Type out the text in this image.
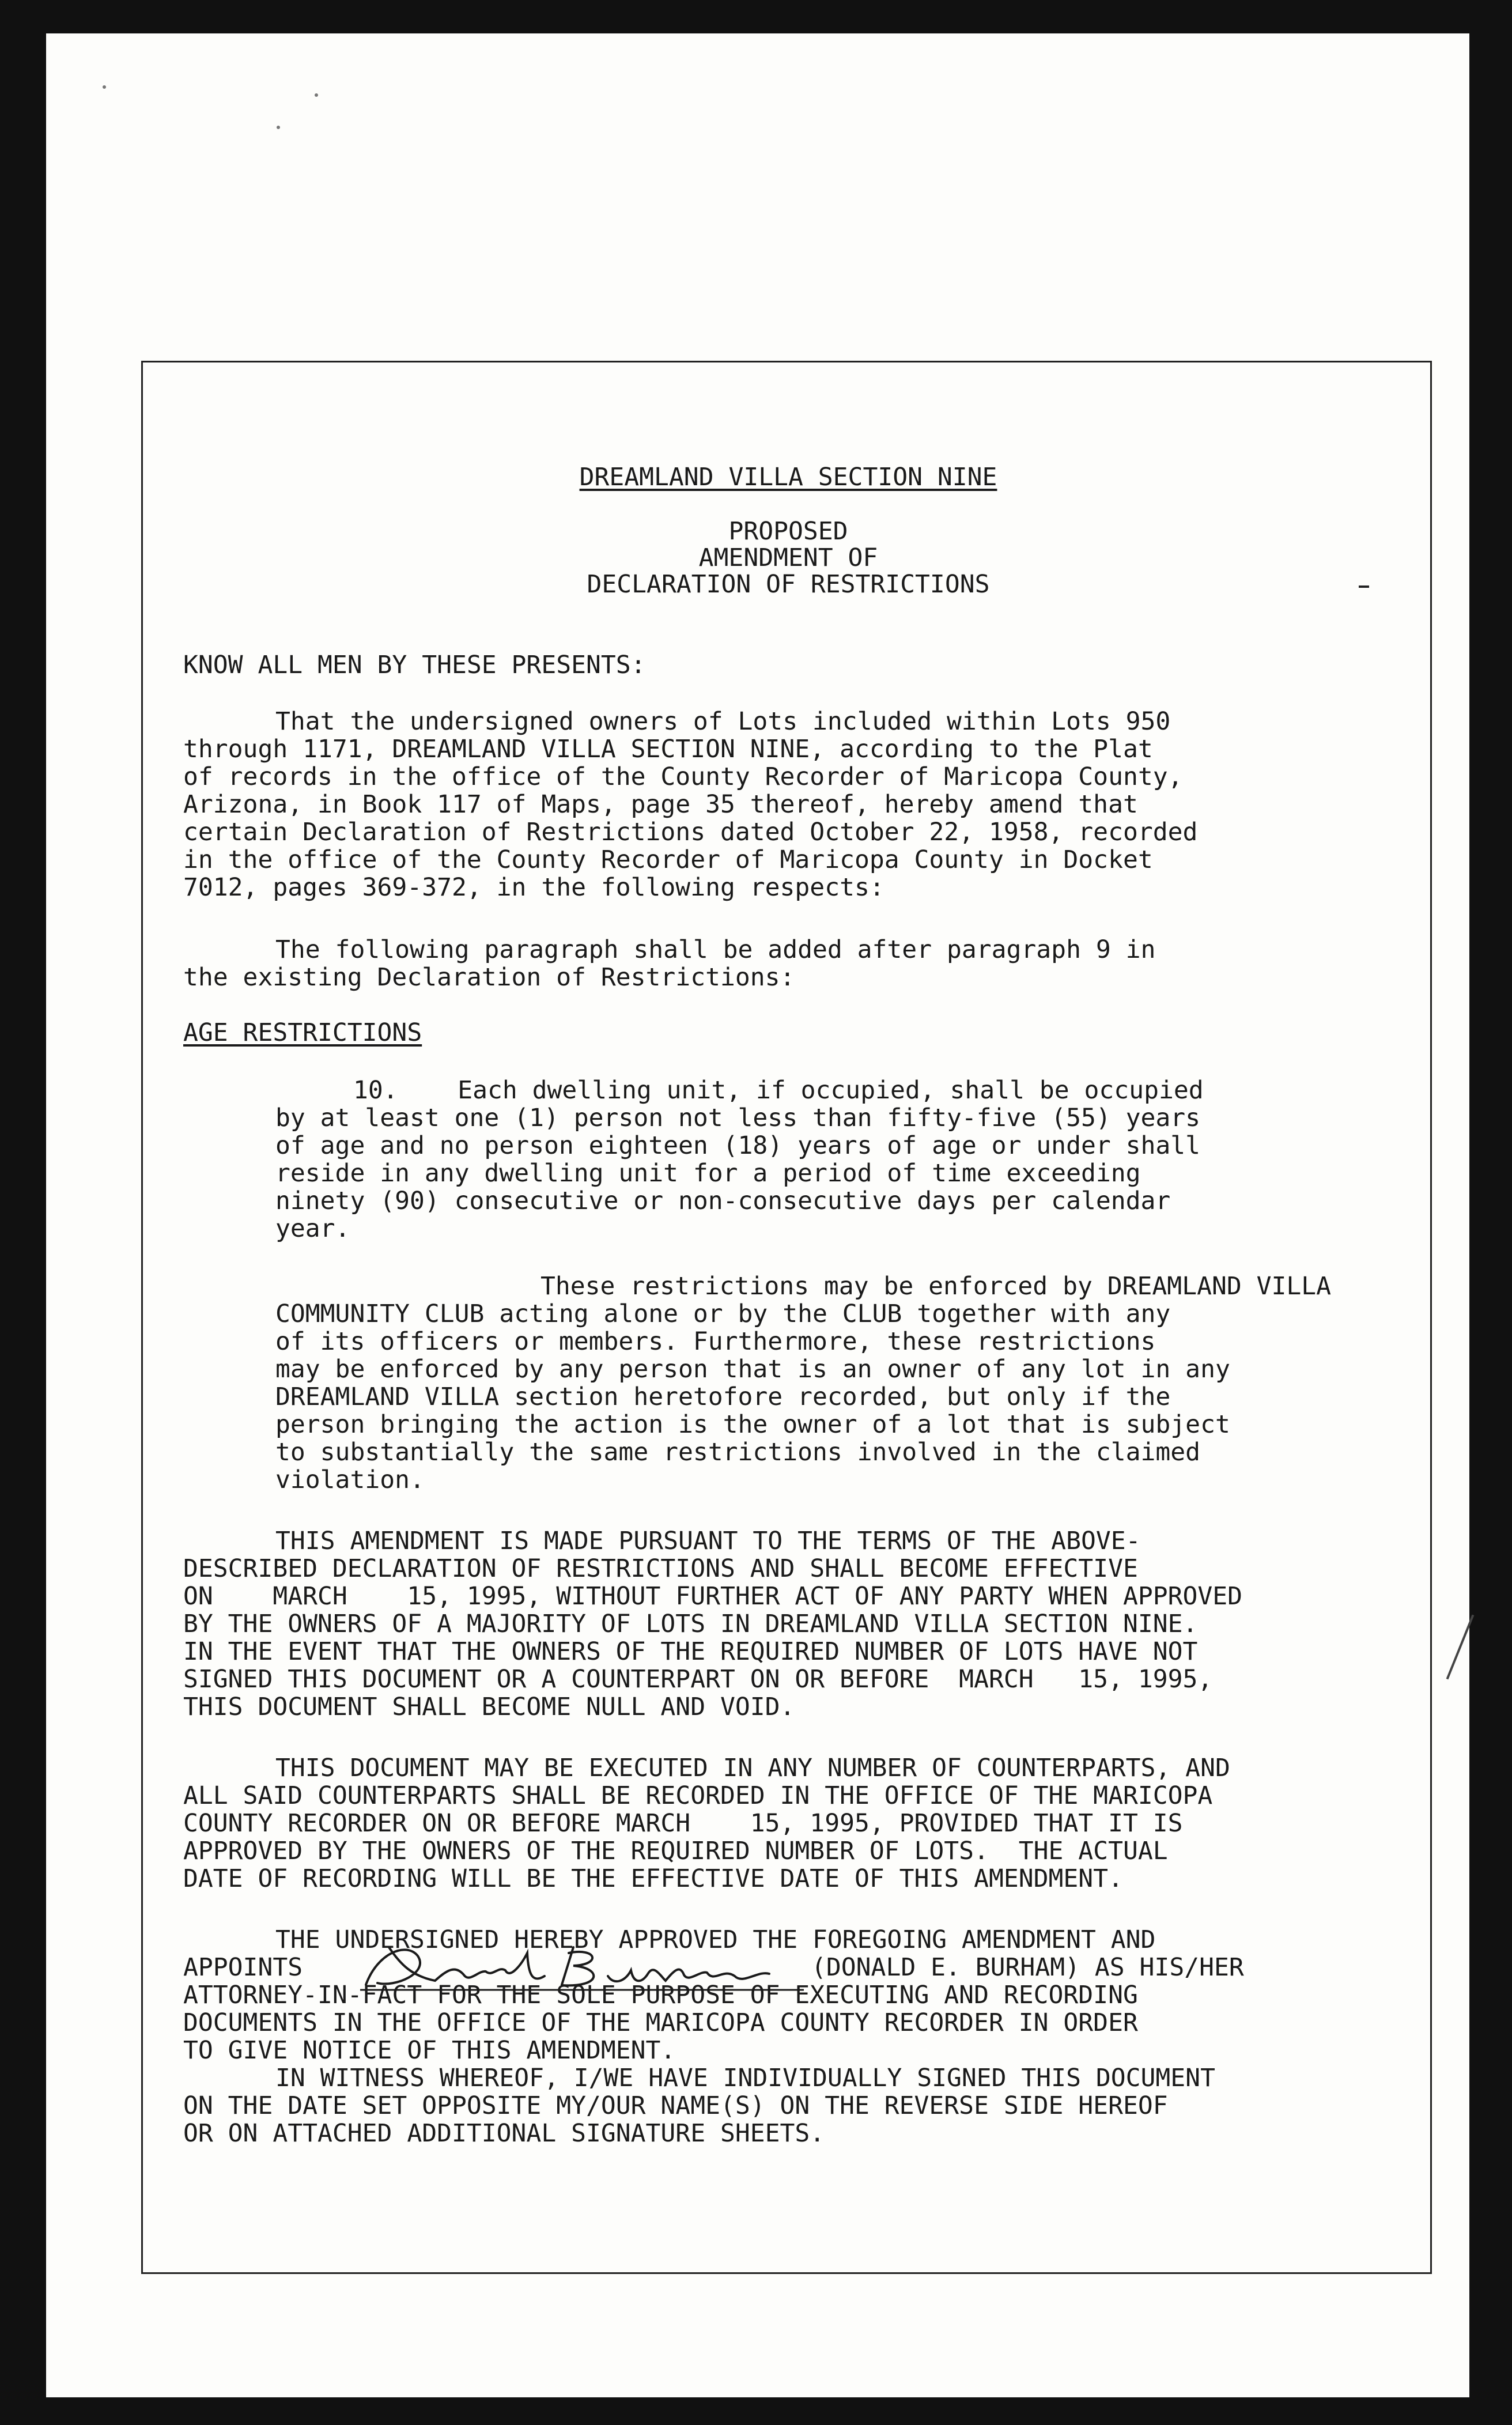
DREAMLAND VILLA SECTION NINE
PROPOSED
AMENDMENT OF
DECLARATION OF RESTRICTIONS
KNOW ALL MEN BY THESE PRESENTS:
That the undersigned owners of Lots included within Lots 950
through 1171, DREAMLAND VILLA SECTION NINE, according to the Plat
of records in the office of the County Recorder of Maricopa County,
Arizona, in Book 117 of Maps, page 35 thereof, hereby amend that
certain Declaration of Restrictions dated October 22, 1958, recorded
in the office of the County Recorder of Maricopa County in Docket
7012, pages 369-372, in the following respects:
The following paragraph shall be added after paragraph 9 in
the existing Declaration of Restrictions:
AGE RESTRICTIONS
10.    Each dwelling unit, if occupied, shall be occupied
by at least one (1) person not less than fifty-five (55) years
of age and no person eighteen (18) years of age or under shall
reside in any dwelling unit for a period of time exceeding
ninety (90) consecutive or non-consecutive days per calendar
year.
These restrictions may be enforced by DREAMLAND VILLA
COMMUNITY CLUB acting alone or by the CLUB together with any
of its officers or members. Furthermore, these restrictions
may be enforced by any person that is an owner of any lot in any
DREAMLAND VILLA section heretofore recorded, but only if the
person bringing the action is the owner of a lot that is subject
to substantially the same restrictions involved in the claimed
violation.
THIS AMENDMENT IS MADE PURSUANT TO THE TERMS OF THE ABOVE-
DESCRIBED DECLARATION OF RESTRICTIONS AND SHALL BECOME EFFECTIVE
ON    MARCH    15, 1995, WITHOUT FURTHER ACT OF ANY PARTY WHEN APPROVED
BY THE OWNERS OF A MAJORITY OF LOTS IN DREAMLAND VILLA SECTION NINE.
IN THE EVENT THAT THE OWNERS OF THE REQUIRED NUMBER OF LOTS HAVE NOT
SIGNED THIS DOCUMENT OR A COUNTERPART ON OR BEFORE  MARCH   15, 1995,
THIS DOCUMENT SHALL BECOME NULL AND VOID.
THIS DOCUMENT MAY BE EXECUTED IN ANY NUMBER OF COUNTERPARTS, AND
ALL SAID COUNTERPARTS SHALL BE RECORDED IN THE OFFICE OF THE MARICOPA
COUNTY RECORDER ON OR BEFORE MARCH    15, 1995, PROVIDED THAT IT IS
APPROVED BY THE OWNERS OF THE REQUIRED NUMBER OF LOTS.  THE ACTUAL
DATE OF RECORDING WILL BE THE EFFECTIVE DATE OF THIS AMENDMENT.
THE UNDERSIGNED HEREBY APPROVED THE FOREGOING AMENDMENT AND
APPOINTS	(DONALD E. BURHAM) AS HIS/HER
ATTORNEY-IN-FACT FOR THE SOLE PURPOSE OF EXECUTING AND RECORDING
DOCUMENTS IN THE OFFICE OF THE MARICOPA COUNTY RECORDER IN ORDER
TO GIVE NOTICE OF THIS AMENDMENT.
IN WITNESS WHEREOF, I/WE HAVE INDIVIDUALLY SIGNED THIS DOCUMENT
ON THE DATE SET OPPOSITE MY/OUR NAME(S) ON THE REVERSE SIDE HEREOF
OR ON ATTACHED ADDITIONAL SIGNATURE SHEETS.
